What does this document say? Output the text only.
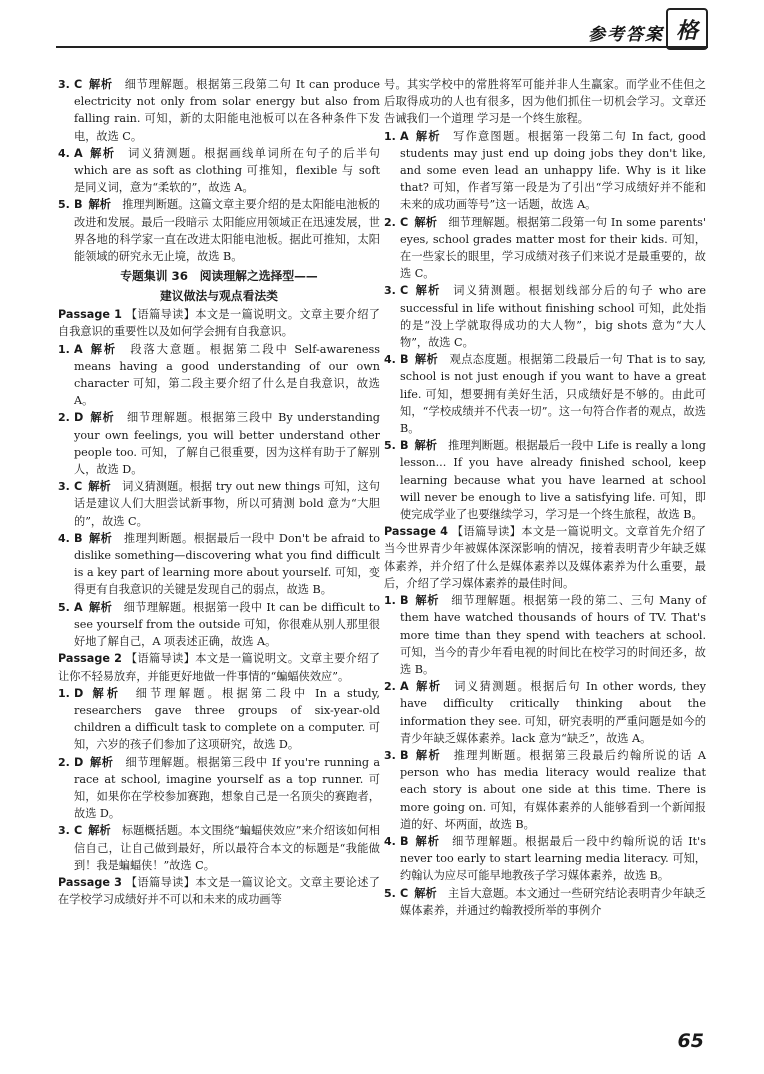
参考答案 格

3. C 解析　 细节理解题。根据第三段第二句 It can produce electricity not only from solar energy but also from falling rain. 可知，新的太阳能电池板可以在各种条件下发电，故选 C。

4. A 解析　 词义猜测题。根据画线单词所在句子的后半句 which are as soft as clothing 可推知，flexible 与 soft 是同义词，意为“柔软的”，故选 A。

5. B 解析　 推理判断题。这篇文章主要介绍的是太阳能电池板的改进和发展。最后一段暗示 太阳能应用领域正在迅速发展，世界各地的科学家一直在改进太阳能电池板。据此可推知，太阳能领域的研究永无止境，故选 B。

专题集训 36　阅读理解之选择型——
建议做法与观点看法类

Passage 1 【语篇导读】本文是一篇说明文。文章主要介绍了自我意识的重要性以及如何学会拥有自我意识。

1. A 解析　 段落大意题。根据第二段中 Self-awareness means having a good understanding of our own character 可知，第二段主要介绍了什么是自我意识，故选 A。

2. D 解析　 细节理解题。根据第三段中 By understanding your own feelings, you will better understand other people too. 可知，了解自己很重要，因为这样有助于了解别人，故选 D。

3. C 解析　 词义猜测题。根据 try out new things 可知，这句话是建议人们大胆尝试新事物，所以可猜测 bold 意为“大胆的”，故选 C。

4. B 解析　 推理判断题。根据最后一段中 Don't be afraid to dislike something—discovering what you find difficult is a key part of learning more about yourself. 可知，变得更有自我意识的关键是发现自己的弱点，故选 B。

5. A 解析　 细节理解题。根据第一段中 It can be difficult to see yourself from the outside 可知，你很难从别人那里很好地了解自己，A 项表述正确，故选 A。

Passage 2 【语篇导读】本文是一篇说明文。文章主要介绍了让你不轻易放弃，并能更好地做一件事情的“蝙蝠侠效应”。

1. D 解析　 细节理解题。根据第二段中 In a study, researchers gave three groups of six-year-old children a difficult task to complete on a computer. 可知，六岁的孩子们参加了这项研究，故选 D。

2. D 解析　 细节理解题。根据第三段中 If you're running a race at school, imagine yourself as a top runner. 可知，如果你在学校参加赛跑，想象自己是一名顶尖的赛跑者，故选 D。

3. C 解析　 标题概括题。本文围绕“蝙蝠侠效应”来介绍该如何相信自己，让自己做到最好，所以最符合本文的标题是“我能做到！我是蝙蝠侠！”故选 C。

Passage 3 【语篇导读】本文是一篇议论文。文章主要论述了在学校学习成绩好并不可以和未来的成功画等

号。其实学校中的常胜将军可能并非人生赢家。而学业不佳但之后取得成功的人也有很多，因为他们抓住一切机会学习。文章还告诫我们一个道理 学习是一个终生旅程。

1. A 解析　 写作意图题。根据第一段第二句 In fact, good students may just end up doing jobs they don't like, and some even lead an unhappy life. Why is it like that? 可知，作者写第一段是为了引出“学习成绩好并不能和未来的成功画等号”这一话题，故选 A。

2. C 解析　 细节理解题。根据第二段第一句 In some parents' eyes, school grades matter most for their kids. 可知，在一些家长的眼里，学习成绩对孩子们来说才是最重要的，故选 C。

3. C 解析　 词义猜测题。根据划线部分后的句子 who are successful in life without finishing school 可知，此处指的是“没上学就取得成功的大人物”，big shots 意为“大人物”，故选 C。

4. B 解析　 观点态度题。根据第二段最后一句 That is to say, school is not just enough if you want to have a great life. 可知，想要拥有美好生活，只成绩好是不够的。由此可知，“学校成绩并不代表一切”。这一句符合作者的观点，故选 B。

5. B 解析　 推理判断题。根据最后一段中 Life is really a long lesson... If you have already finished school, keep learning because what you have learned at school will never be enough to live a satisfying life. 可知，即使完成学业了也要继续学习，学习是一个终生旅程，故选 B。

Passage 4 【语篇导读】本文是一篇说明文。文章首先介绍了当今世界青少年被媒体深深影响的情况，接着表明青少年缺乏媒体素养，并介绍了什么是媒体素养以及媒体素养为什么重要，最后，介绍了学习媒体素养的最佳时间。

1. B 解析　 细节理解题。根据第一段的第二、三句 Many of them have watched thousands of hours of TV. That's more time than they spend with teachers at school. 可知，当今的青少年看电视的时间比在校学习的时间还多，故选 B。

2. A 解析　 词义猜测题。根据后句 In other words, they have difficulty critically thinking about the information they see. 可知，研究表明的严重问题是如今的青少年缺乏媒体素养。lack 意为“缺乏”，故选 A。

3. B 解析　 推理判断题。根据第三段最后约翰所说的话 A person who has media literacy would realize that each story is about one side at this time. There is more going on. 可知，有媒体素养的人能够看到一个新闻报道的好、坏两面，故选 B。

4. B 解析　 细节理解题。根据最后一段中约翰所说的话 It's never too early to start learning media literacy. 可知，约翰认为应尽可能早地教孩子学习媒体素养，故选 B。

5. C 解析　 主旨大意题。本文通过一些研究结论表明青少年缺乏媒体素养，并通过约翰教授所举的事例介

65
